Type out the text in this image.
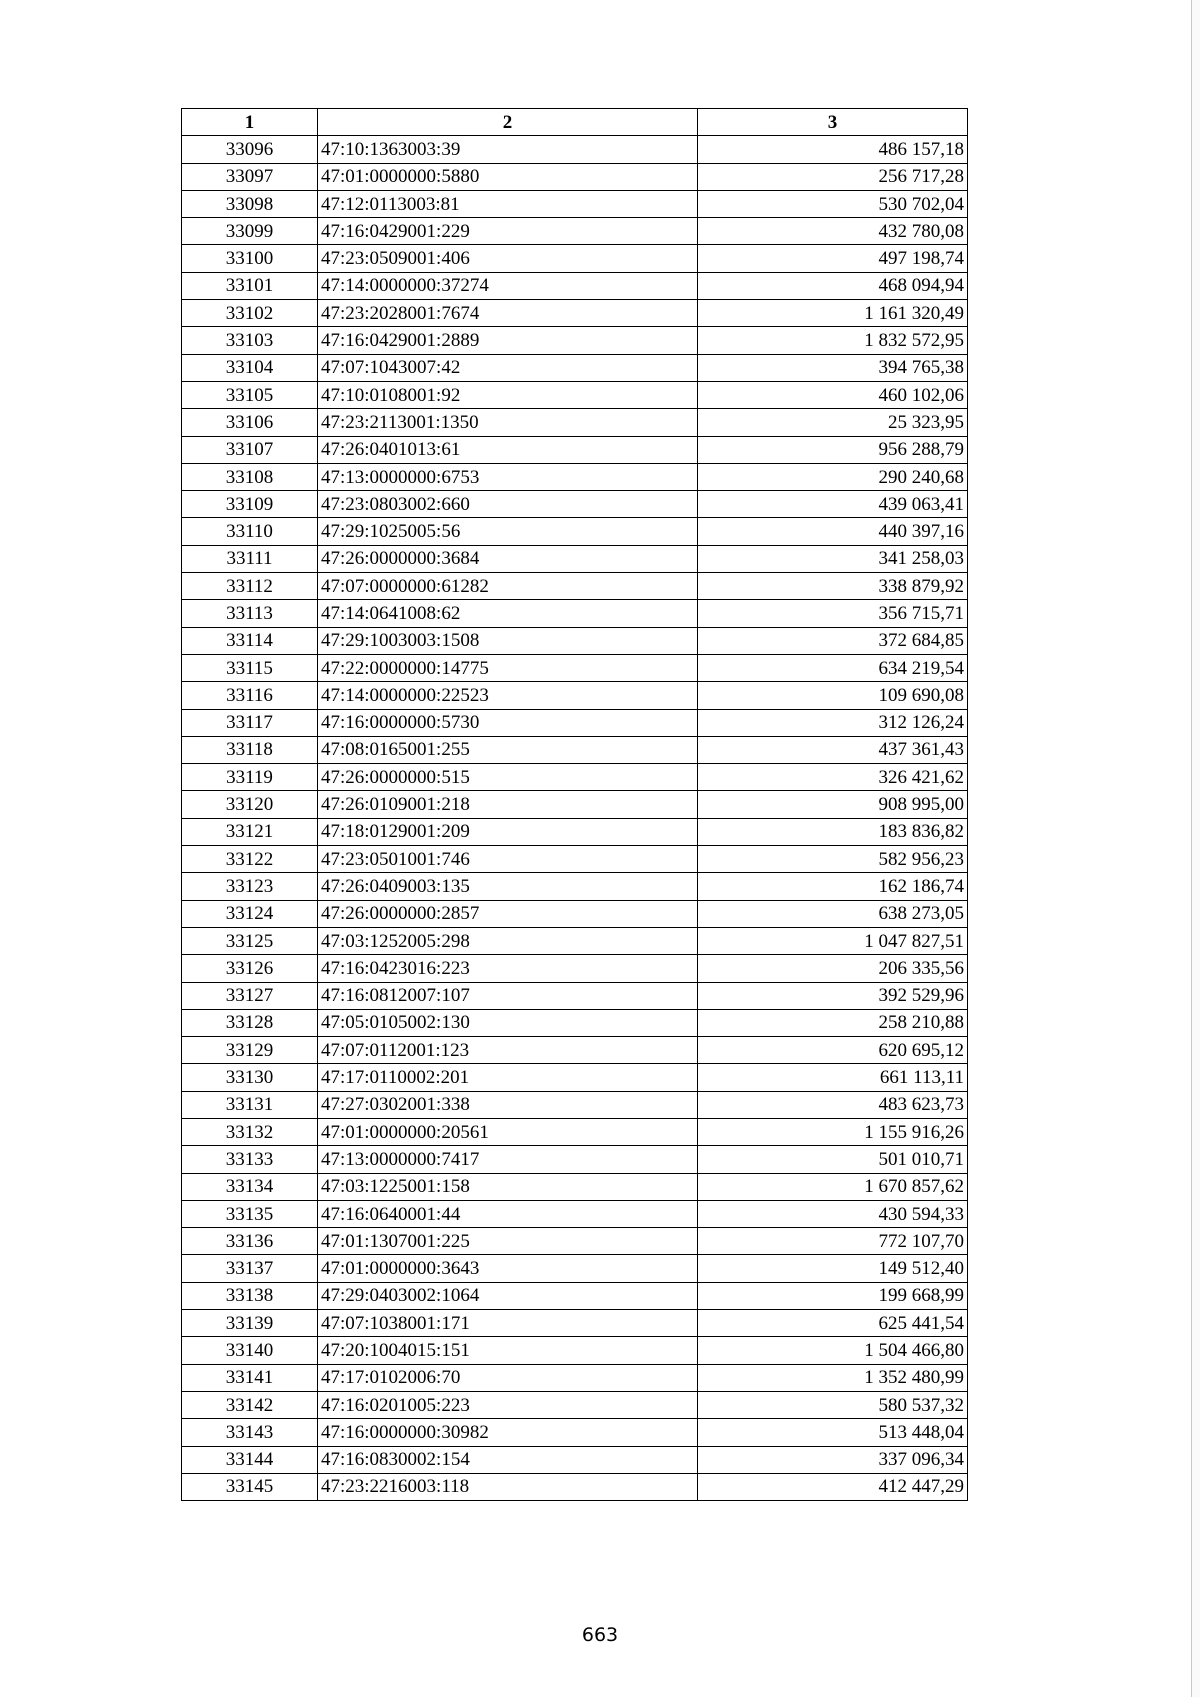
1	2	3
33096	47:10:1363003:39	486 157,18
33097	47:01:0000000:5880	256 717,28
33098	47:12:0113003:81	530 702,04
33099	47:16:0429001:229	432 780,08
33100	47:23:0509001:406	497 198,74
33101	47:14:0000000:37274	468 094,94
33102	47:23:2028001:7674	1 161 320,49
33103	47:16:0429001:2889	1 832 572,95
33104	47:07:1043007:42	394 765,38
33105	47:10:0108001:92	460 102,06
33106	47:23:2113001:1350	25 323,95
33107	47:26:0401013:61	956 288,79
33108	47:13:0000000:6753	290 240,68
33109	47:23:0803002:660	439 063,41
33110	47:29:1025005:56	440 397,16
33111	47:26:0000000:3684	341 258,03
33112	47:07:0000000:61282	338 879,92
33113	47:14:0641008:62	356 715,71
33114	47:29:1003003:1508	372 684,85
33115	47:22:0000000:14775	634 219,54
33116	47:14:0000000:22523	109 690,08
33117	47:16:0000000:5730	312 126,24
33118	47:08:0165001:255	437 361,43
33119	47:26:0000000:515	326 421,62
33120	47:26:0109001:218	908 995,00
33121	47:18:0129001:209	183 836,82
33122	47:23:0501001:746	582 956,23
33123	47:26:0409003:135	162 186,74
33124	47:26:0000000:2857	638 273,05
33125	47:03:1252005:298	1 047 827,51
33126	47:16:0423016:223	206 335,56
33127	47:16:0812007:107	392 529,96
33128	47:05:0105002:130	258 210,88
33129	47:07:0112001:123	620 695,12
33130	47:17:0110002:201	661 113,11
33131	47:27:0302001:338	483 623,73
33132	47:01:0000000:20561	1 155 916,26
33133	47:13:0000000:7417	501 010,71
33134	47:03:1225001:158	1 670 857,62
33135	47:16:0640001:44	430 594,33
33136	47:01:1307001:225	772 107,70
33137	47:01:0000000:3643	149 512,40
33138	47:29:0403002:1064	199 668,99
33139	47:07:1038001:171	625 441,54
33140	47:20:1004015:151	1 504 466,80
33141	47:17:0102006:70	1 352 480,99
33142	47:16:0201005:223	580 537,32
33143	47:16:0000000:30982	513 448,04
33144	47:16:0830002:154	337 096,34
33145	47:23:2216003:118	412 447,29
663
